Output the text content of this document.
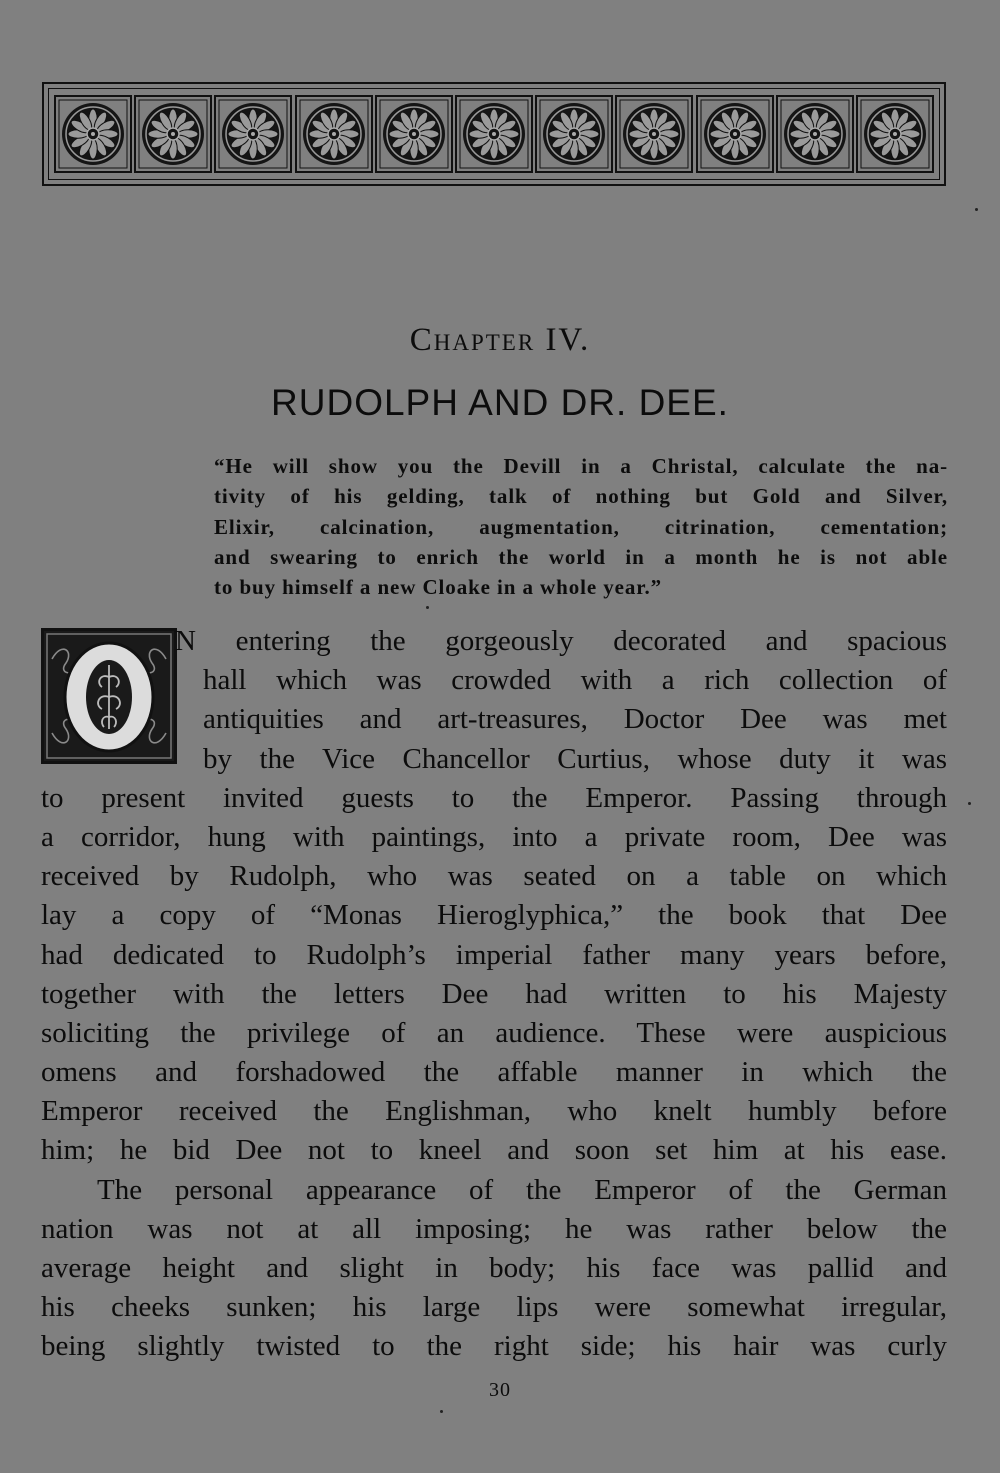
Chapter IV.
RUDOLPH AND DR. DEE.
“He will show you the Devill in a Christal, calculate the na-
tivity of his gelding, talk of nothing but Gold and Silver,
Elixir, calcination, augmentation, citrination, cementation;
and swearing to enrich the world in a month he is not able
to buy himself a new Cloake in a whole year.”
N entering the gorgeously decorated and spacious
hall which was crowded with a rich collection of
antiquities and art-treasures, Doctor Dee was met
by the Vice Chancellor Curtius, whose duty it was
to present invited guests to the Emperor. Passing through
a corridor, hung with paintings, into a private room, Dee was
received by Rudolph, who was seated on a table on which
lay a copy of “Monas Hieroglyphica,” the book that Dee
had dedicated to Rudolph’s imperial father many years before,
together with the letters Dee had written to his Majesty
soliciting the privilege of an audience. These were auspicious
omens and forshadowed the affable manner in which the
Emperor received the Englishman, who knelt humbly before
him; he bid Dee not to kneel and soon set him at his ease.
The personal appearance of the Emperor of the German
nation was not at all imposing; he was rather below the
average height and slight in body; his face was pallid and
his cheeks sunken; his large lips were somewhat irregular,
being slightly twisted to the right side; his hair was curly
30
